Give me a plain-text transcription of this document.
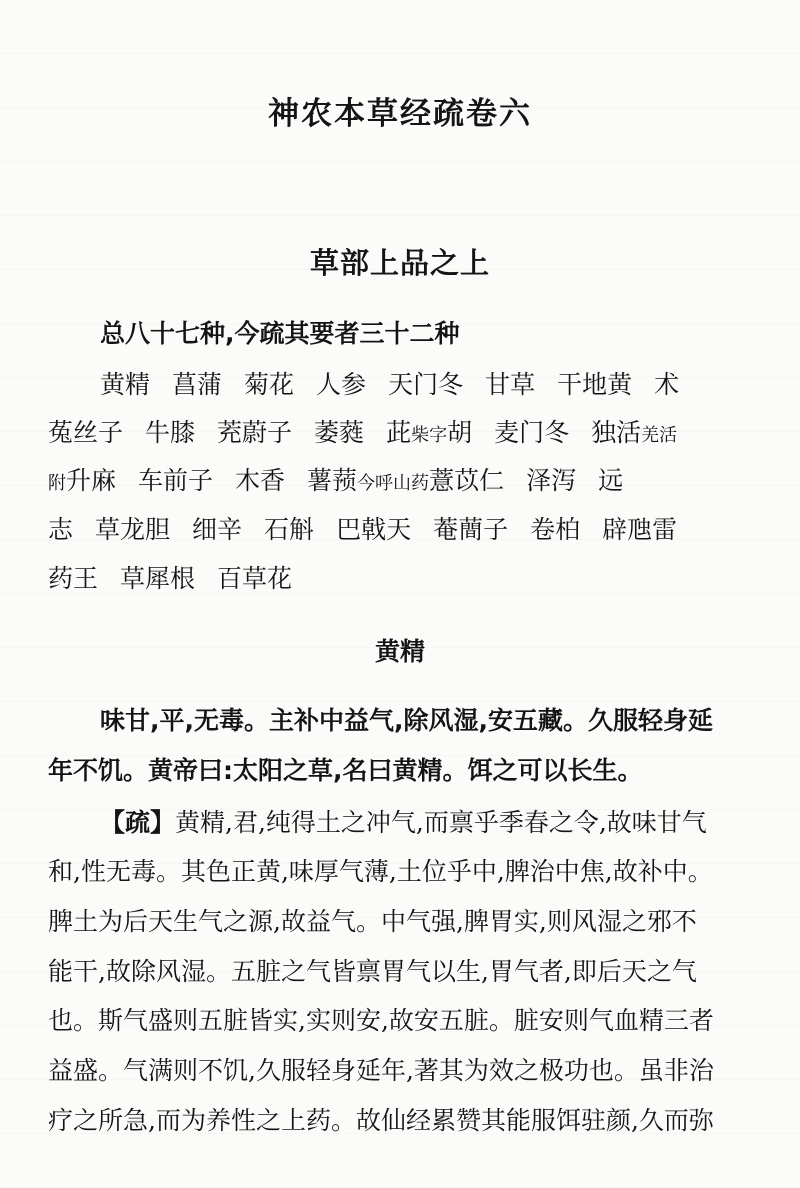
神农本草经疏卷六
草部上品之上

总八十七种,今疏其要者三十二种

黄精 菖蒲 菊花 人参 天门冬 甘草 干地黄 术

菟丝子 牛膝 茺蔚子 萎蕤 茈柴字胡 麦门冬 独活羌活

附升麻 车前子 木香 薯蓣今呼山药薏苡仁 泽泻 远

志 草龙胆 细辛 石斛 巴戟天 菴蕳子 卷柏 辟虺雷

药王 草犀根 百草花

黄精

味甘,平,无毒。主补中益气,除风湿,安五藏。久服轻身延

年不饥。黄帝曰:太阳之草,名曰黄精。饵之可以长生。

【疏】黄精,君,纯得土之冲气,而禀乎季春之令,故味甘气

和,性无毒。其色正黄,味厚气薄,土位乎中,脾治中焦,故补中。

脾土为后天生气之源,故益气。中气强,脾胃实,则风湿之邪不

能干,故除风湿。五脏之气皆禀胃气以生,胃气者,即后天之气

也。斯气盛则五脏皆实,实则安,故安五脏。脏安则气血精三者

益盛。气满则不饥,久服轻身延年,著其为效之极功也。虽非治

疗之所急,而为养性之上药。故仙经累赞其能服饵驻颜,久而弥
